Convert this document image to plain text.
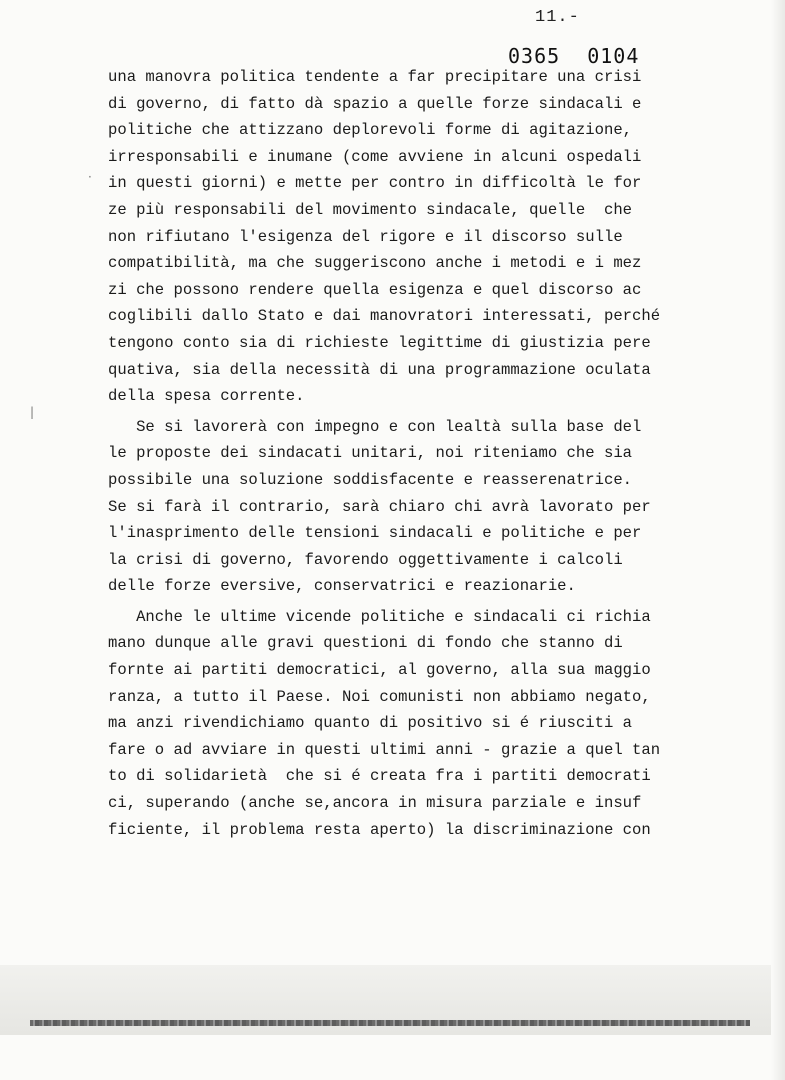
11.-
0365 0104
una manovra politica tendente a far precipitare una crisi
di governo, di fatto dà spazio a quelle forze sindacali e
politiche che attizzano deplorevoli forme di agitazione,
irresponsabili e inumane (come avviene in alcuni ospedali
in questi giorni) e mette per contro in difficoltà le for
ze più responsabili del movimento sindacale, quelle  che
non rifiutano l'esigenza del rigore e il discorso sulle
compatibilità, ma che suggeriscono anche i metodi e i mez
zi che possono rendere quella esigenza e quel discorso ac
coglibili dallo Stato e dai manovratori interessati, perché
tengono conto sia di richieste legittime di giustizia pere
quativa, sia della necessità di una programmazione oculata
della spesa corrente.
Se si lavorerà con impegno e con lealtà sulla base del
le proposte dei sindacati unitari, noi riteniamo che sia
possibile una soluzione soddisfacente e reasserenatrice.
Se si farà il contrario, sarà chiaro chi avrà lavorato per
l'inasprimento delle tensioni sindacali e politiche e per
la crisi di governo, favorendo oggettivamente i calcoli
delle forze eversive, conservatrici e reazionarie.
Anche le ultime vicende politiche e sindacali ci richia
mano dunque alle gravi questioni di fondo che stanno di
fornte ai partiti democratici, al governo, alla sua maggio
ranza, a tutto il Paese. Noi comunisti non abbiamo negato,
ma anzi rivendichiamo quanto di positivo si é riusciti a
fare o ad avviare in questi ultimi anni - grazie a quel tan
to di solidarietà  che si é creata fra i partiti democrati
ci, superando (anche se,ancora in misura parziale e insuf
ficiente, il problema resta aperto) la discriminazione con
·
|
